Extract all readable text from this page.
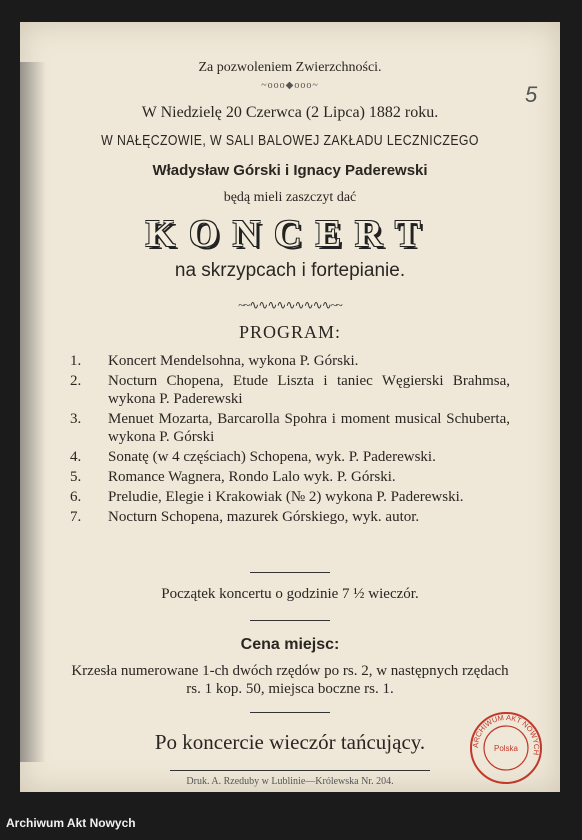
Za pozwoleniem Zwierzchności.
~ooo◆ooo~
W Niedzielę 20 Czerwca (2 Lipca) 1882 roku.
W NAŁĘCZOWIE, W SALI BALOWEJ ZAKŁADU LECZNICZEGO
Władysław Górski i Ignacy Paderewski
będą mieli zaszczyt dać
KONCERT
na skrzypcach i fortepianie.
~~∿∿∿∿∿∿∿∿∿~~
PROGRAM:
1.	Koncert Mendelsohna, wykona P. Górski.
2.	Nocturn Chopena, Etude Liszta i taniec Węgierski Brahmsa, wykona P. Paderewski
3.	Menuet Mozarta, Barcarolla Spohra i moment musical Schuberta, wykona P. Górski
4.	Sonatę (w 4 częściach) Schopena, wyk. P. Paderewski.
5.	Romance Wagnera, Rondo Lalo wyk. P. Górski.
6.	Preludie, Elegie i Krakowiak (№ 2) wykona P. Paderewski.
7.	Nocturn Schopena, mazurek Górskiego, wyk. autor.
Początek koncertu o godzinie 7 ½ wieczór.
Cena miejsc:
Krzesła numerowane 1-ch dwóch rzędów po rs. 2, w następnych rzędach rs. 1 kop. 50, miejsca boczne rs. 1.
Po koncercie wieczór tańcujący.
Druk. A. Rzeduby w Lublinie—Królewska Nr. 204.
5
ARCHIWUM AKT NOWYCH
Polska
Archiwum Akt Nowych
